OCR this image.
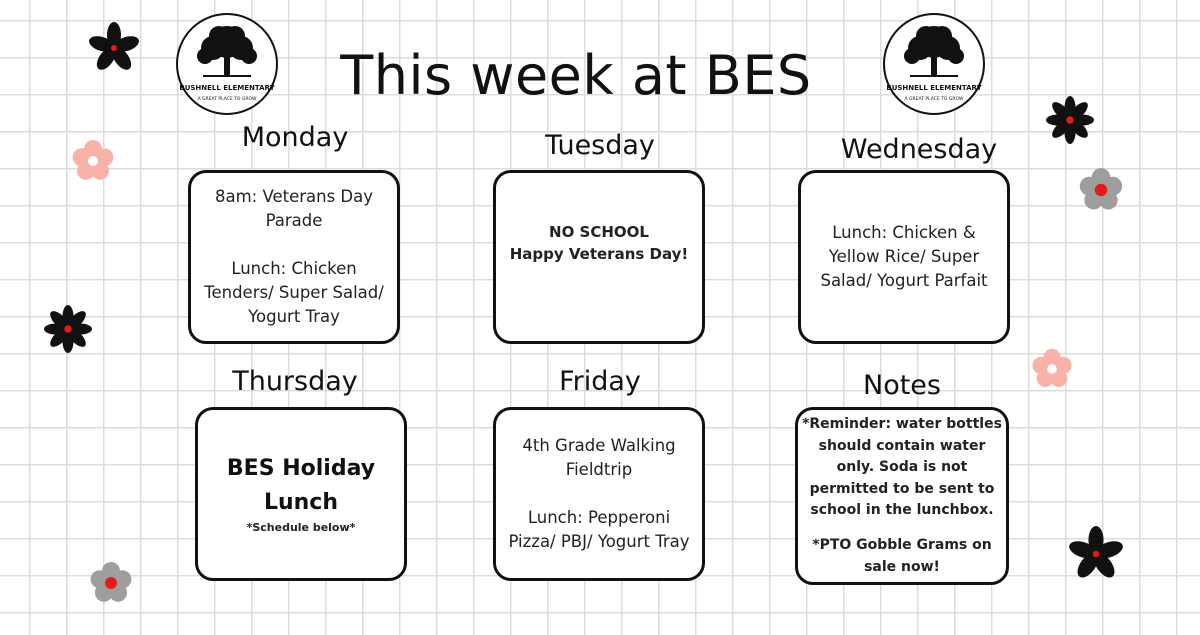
This week at BES
BUSHNELL ELEMENTARY
A GREAT PLACE TO GROW
BUSHNELL ELEMENTARY
A GREAT PLACE TO GROW
Monday	Tuesday	Wednesday
Thursday	Friday	Notes

8am: Veterans Day Parade

Lunch: Chicken Tenders/ Super Salad/ Yogurt Tray

NO SCHOOL

Happy Veterans Day!

Lunch: Chicken & Yellow Rice/ Super Salad/ Yogurt Parfait

BES Holiday Lunch

*Schedule below*

4th Grade Walking Fieldtrip

Lunch: Pepperoni Pizza/ PBJ/ Yogurt Tray

*Reminder: water bottles should contain water only. Soda is not permitted to be sent to school in the lunchbox.

*PTO Gobble Grams on sale now!
